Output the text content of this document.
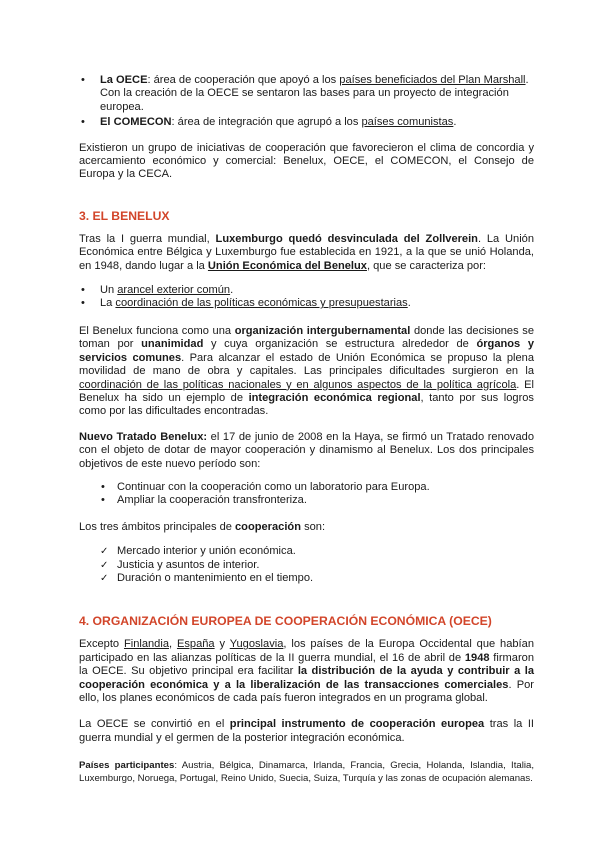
• La OECE: área de cooperación que apoyó a los países beneficiados del Plan Marshall. Con la creación de la OECE se sentaron las bases para un proyecto de integración europea.
• El COMECON: área de integración que agrupó a los países comunistas.

Existieron un grupo de iniciativas de cooperación que favorecieron el clima de concordia y acercamiento económico y comercial: Benelux, OECE, el COMECON, el Consejo de Europa y la CECA.

3. EL BENELUX

Tras la I guerra mundial, Luxemburgo quedó desvinculada del Zollverein. La Unión Económica entre Bélgica y Luxemburgo fue establecida en 1921, a la que se unió Holanda, en 1948, dando lugar a la Unión Económica del Benelux, que se caracteriza por:

• Un arancel exterior común.
• La coordinación de las políticas económicas y presupuestarias.

El Benelux funciona como una organización intergubernamental donde las decisiones se toman por unanimidad y cuya organización se estructura alrededor de órganos y servicios comunes. Para alcanzar el estado de Unión Económica se propuso la plena movilidad de mano de obra y capitales. Las principales dificultades surgieron en la coordinación de las políticas nacionales y en algunos aspectos de la política agrícola. El Benelux ha sido un ejemplo de integración económica regional, tanto por sus logros como por las dificultades encontradas.

Nuevo Tratado Benelux: el 17 de junio de 2008 en la Haya, se firmó un Tratado renovado con el objeto de dotar de mayor cooperación y dinamismo al Benelux. Los dos principales objetivos de este nuevo período son:

• Continuar con la cooperación como un laboratorio para Europa.
• Ampliar la cooperación transfronteriza.

Los tres ámbitos principales de cooperación son:

✓ Mercado interior y unión económica.
✓ Justicia y asuntos de interior.
✓ Duración o mantenimiento en el tiempo.
4. ORGANIZACIÓN EUROPEA DE COOPERACIÓN ECONÓMICA (OECE)

Excepto Finlandia, España y Yugoslavia, los países de la Europa Occidental que habían participado en las alianzas políticas de la II guerra mundial, el 16 de abril de 1948 firmaron la OECE. Su objetivo principal era facilitar la distribución de la ayuda y contribuir a la cooperación económica y a la liberalización de las transacciones comerciales. Por ello, los planes económicos de cada país fueron integrados en un programa global.

La OECE se convirtió en el principal instrumento de cooperación europea tras la II guerra mundial y el germen de la posterior integración económica.

Países participantes: Austria, Bélgica, Dinamarca, Irlanda, Francia, Grecia, Holanda, Islandia, Italia, Luxemburgo, Noruega, Portugal, Reino Unido, Suecia, Suiza, Turquía y las zonas de ocupación alemanas.
